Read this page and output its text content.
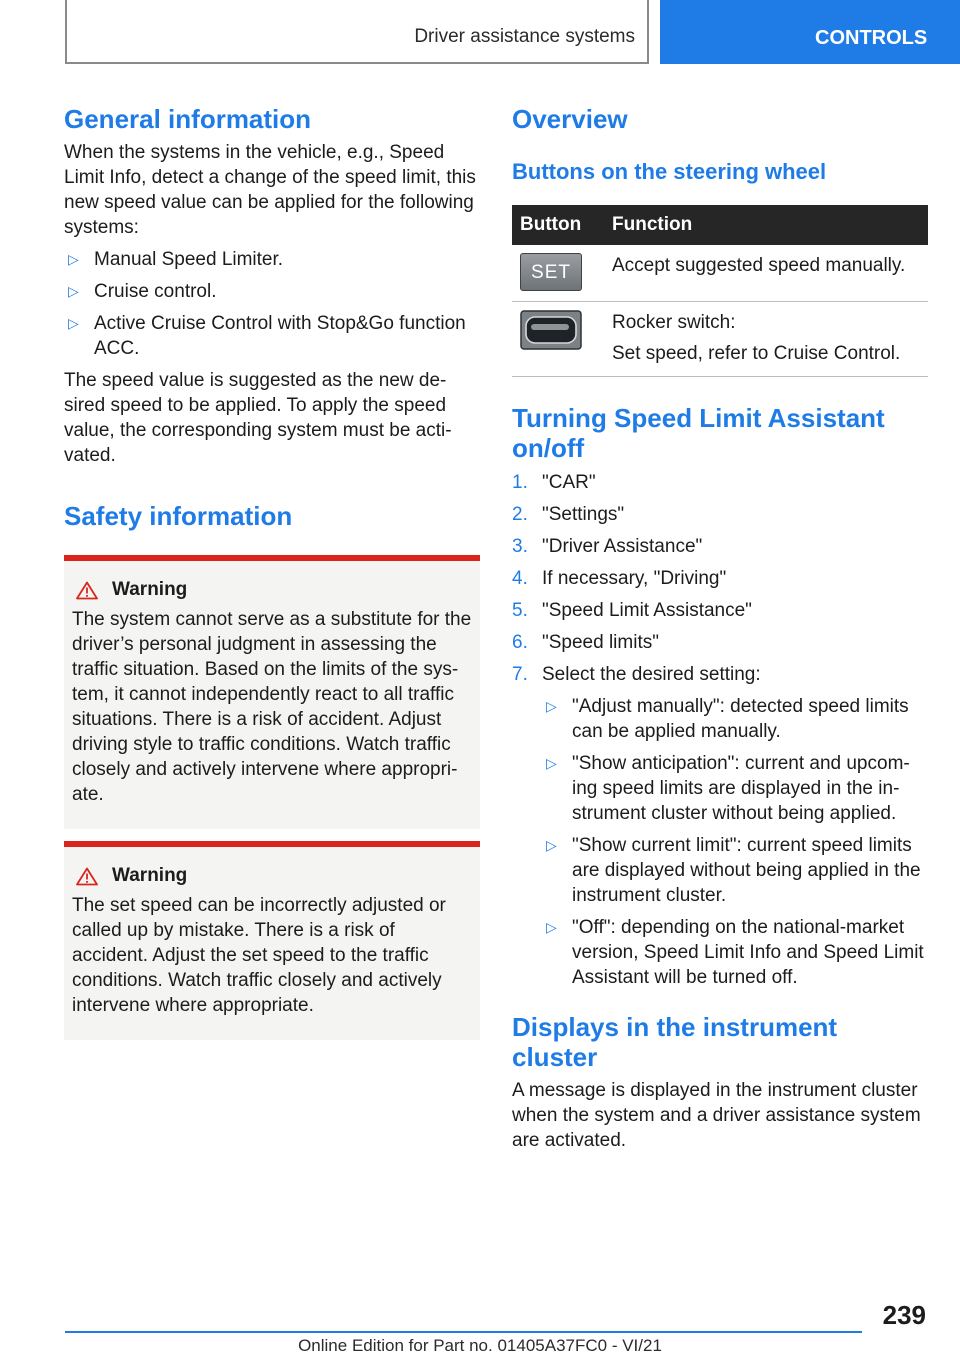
Driver assistance systems	CONTROLS
General information

When the systems in the vehicle, e.g., Speed Limit Info, detect a change of the speed limit, this new speed value can be applied for the following systems:

▷ Manual Speed Limiter.
▷ Cruise control.
▷ Active Cruise Control with Stop&Go function ACC.

The speed value is suggested as the new de-sired speed to be applied. To apply the speed value, the corresponding system must be acti-vated.

Safety information
Warning

The system cannot serve as a substitute for the driver’s personal judgment in assessing the traffic situation. Based on the limits of the sys-tem, it cannot independently react to all traffic situations. There is a risk of accident. Adjust driving style to traffic conditions. Watch traffic closely and actively intervene where appropri-ate.

Warning

The set speed can be incorrectly adjusted or called up by mistake. There is a risk of accident. Adjust the set speed to the traffic conditions. Watch traffic closely and actively intervene where appropriate.

Overview
Buttons on the steering wheel
Button	Function

SET	Accept suggested speed manually.

Rocker switch:
Set speed, refer to Cruise Control.
Turning Speed Limit Assistant on/off
1. "CAR"
2. "Settings"
3. "Driver Assistance"
4. If necessary, "Driving"
5. "Speed Limit Assistance"
6. "Speed limits"
7. Select the desired setting:
▷ "Adjust manually": detected speed limits can be applied manually.
▷ "Show anticipation": current and upcom-ing speed limits are displayed in the in-strument cluster without being applied.
▷ "Show current limit": current speed limits are displayed without being applied in the instrument cluster.
▷ "Off": depending on the national-market version, Speed Limit Info and Speed Limit Assistant will be turned off.
Displays in the instrument cluster

A message is displayed in the instrument cluster when the system and a driver assistance system are activated.

239
Online Edition for Part no. 01405A37FC0 - VI/21
